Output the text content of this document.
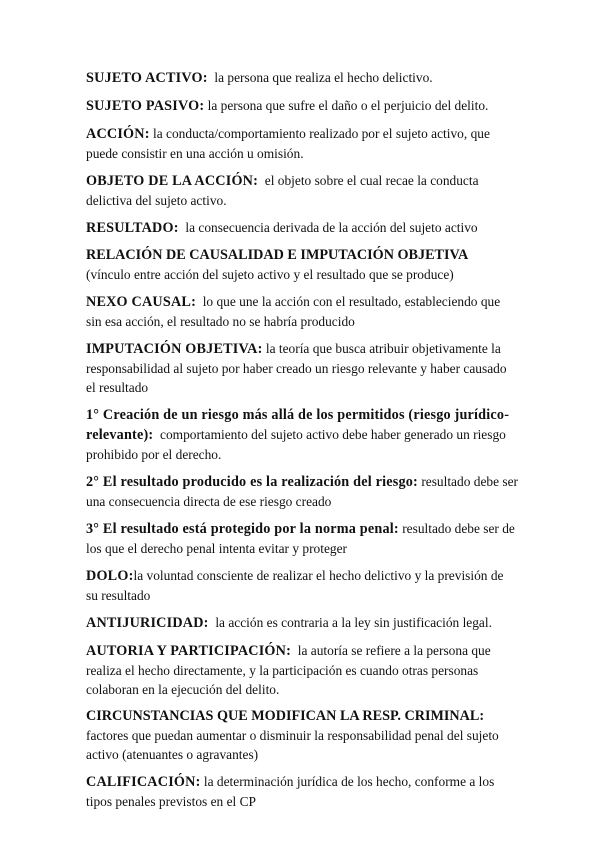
SUJETO ACTIVO: la persona que realiza el hecho delictivo.

SUJETO PASIVO: la persona que sufre el daño o el perjuicio del delito.

ACCIÓN: la conducta/comportamiento realizado por el sujeto activo, que puede consistir en una acción u omisión.

OBJETO DE LA ACCIÓN: el objeto sobre el cual recae la conducta delictiva del sujeto activo.

RESULTADO: la consecuencia derivada de la acción del sujeto activo

RELACIÓN DE CAUSALIDAD E IMPUTACIÓN OBJETIVA
(vínculo entre acción del sujeto activo y el resultado que se produce)

NEXO CAUSAL: lo que une la acción con el resultado, estableciendo que sin esa acción, el resultado no se habría producido

IMPUTACIÓN OBJETIVA: la teoría que busca atribuir objetivamente la responsabilidad al sujeto por haber creado un riesgo relevante y haber causado el resultado

1° Creación de un riesgo más allá de los permitidos (riesgo jurídico-relevante): comportamiento del sujeto activo debe haber generado un riesgo prohibido por el derecho.

2° El resultado producido es la realización del riesgo: resultado debe ser una consecuencia directa de ese riesgo creado

3° El resultado está protegido por la norma penal: resultado debe ser de los que el derecho penal intenta evitar y proteger

DOLO:la voluntad consciente de realizar el hecho delictivo y la previsión de su resultado

ANTIJURICIDAD: la acción es contraria a la ley sin justificación legal.

AUTORIA Y PARTICIPACIÓN: la autoría se refiere a la persona que realiza el hecho directamente, y la participación es cuando otras personas colaboran en la ejecución del delito.

CIRCUNSTANCIAS QUE MODIFICAN LA RESP. CRIMINAL:
factores que puedan aumentar o disminuir la responsabilidad penal del sujeto activo (atenuantes o agravantes)

CALIFICACIÓN: la determinación jurídica de los hecho, conforme a los tipos penales previstos en el CP
